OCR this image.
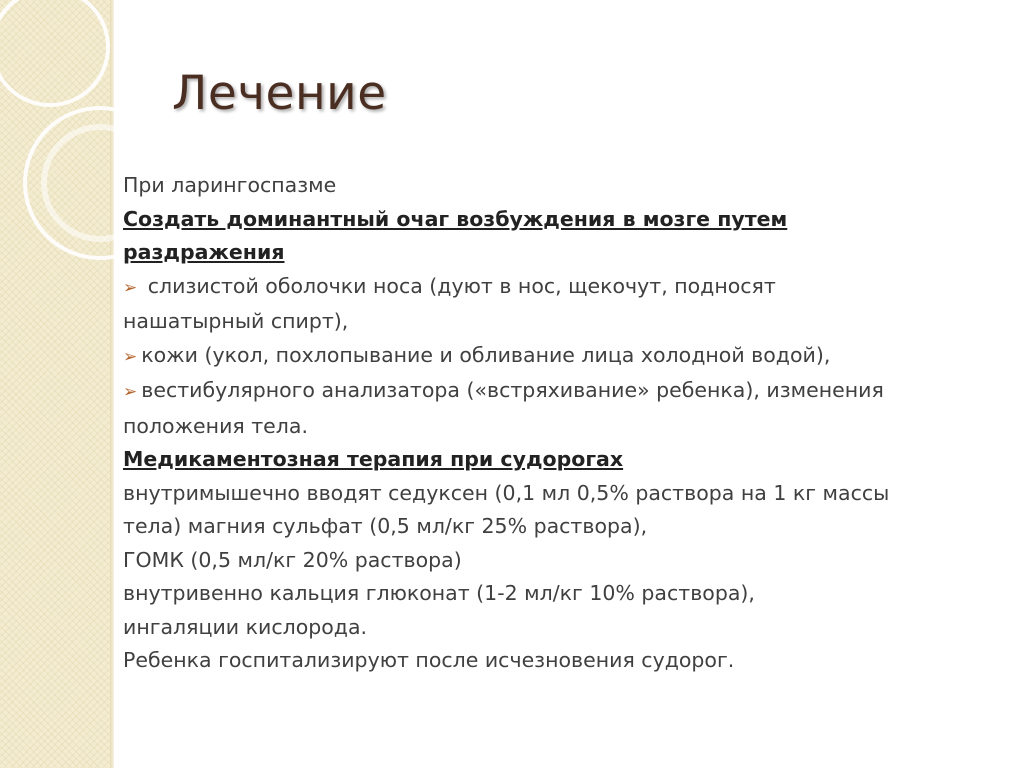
Лечение
При ларингоспазме
Создать доминантный очаг возбуждения в мозге путем
раздражения
➢ слизистой оболочки носа (дуют в нос, щекочут, подносят
нашатырный спирт),
➢ кожи (укол, похлопывание и обливание лица холодной водой),
➢ вестибулярного анализатора («встряхивание» ребенка), изменения
положения тела.
Медикаментозная терапия при судорогах
внутримышечно вводят седуксен (0,1 мл 0,5% раствора на 1 кг массы
тела) магния сульфат (0,5 мл/кг 25% раствора),
ГОМК (0,5 мл/кг 20% раствора)
внутривенно кальция глюконат (1-2 мл/кг 10% раствора),
ингаляции кислорода.
Ребенка госпитализируют после исчезновения судорог.
